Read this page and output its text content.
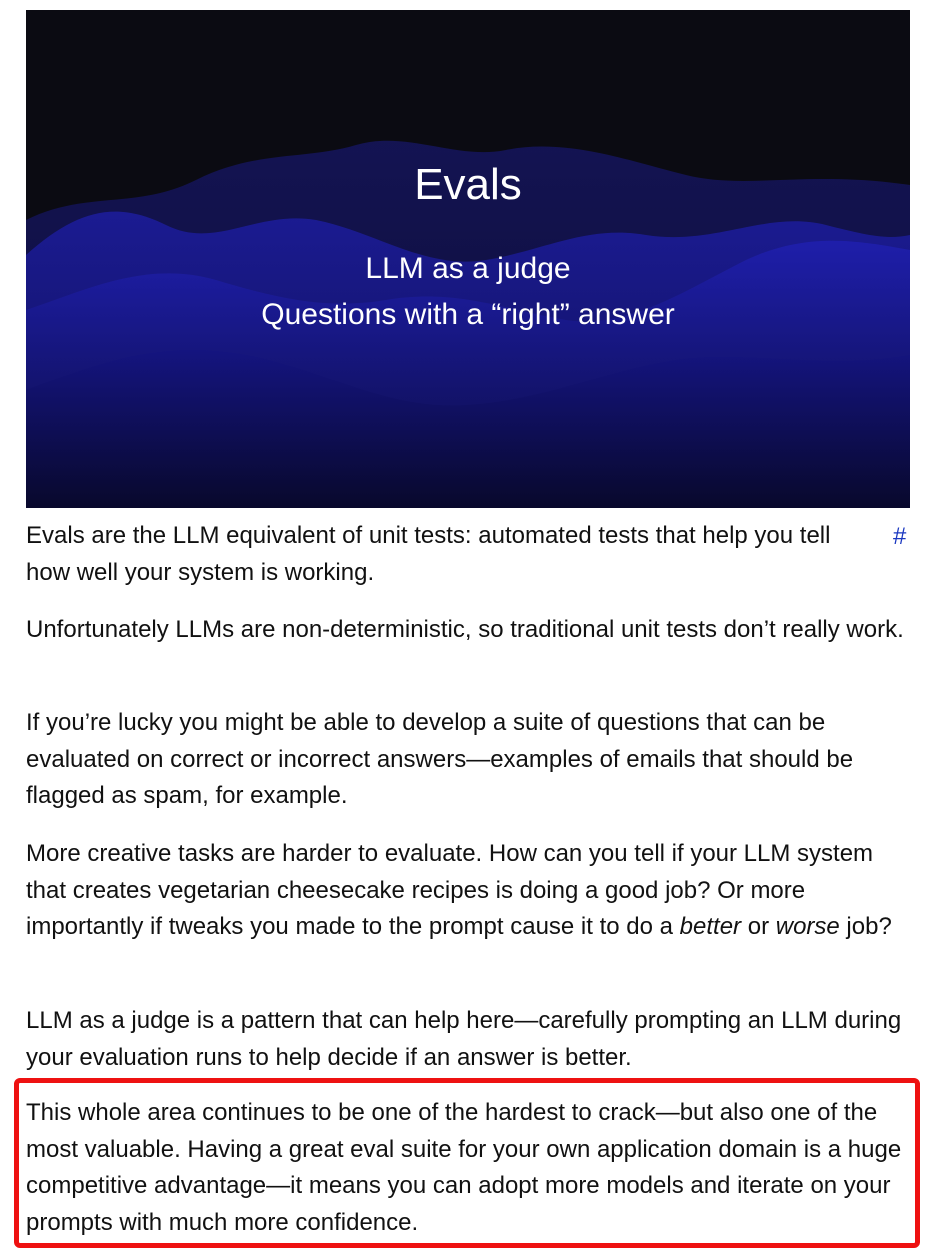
Evals
LLM as a judge
Questions with a “right” answer
#

Evals are the LLM equivalent of unit tests: automated tests that help you tell how well your system is working.

Unfortunately LLMs are non-deterministic, so traditional unit tests don’t really work.

If you’re lucky you might be able to develop a suite of questions that can be evaluated on correct or incorrect answers—examples of emails that should be flagged as spam, for example.

More creative tasks are harder to evaluate. How can you tell if your LLM system that creates vegetarian cheesecake recipes is doing a good job? Or more importantly if tweaks you made to the prompt cause it to do a better or worse job?

LLM as a judge is a pattern that can help here—carefully prompting an LLM during your evaluation runs to help decide if an answer is better.

This whole area continues to be one of the hardest to crack—but also one of the most valuable. Having a great eval suite for your own application domain is a huge competitive advantage—it means you can adopt more models and iterate on your prompts with much more confidence.
